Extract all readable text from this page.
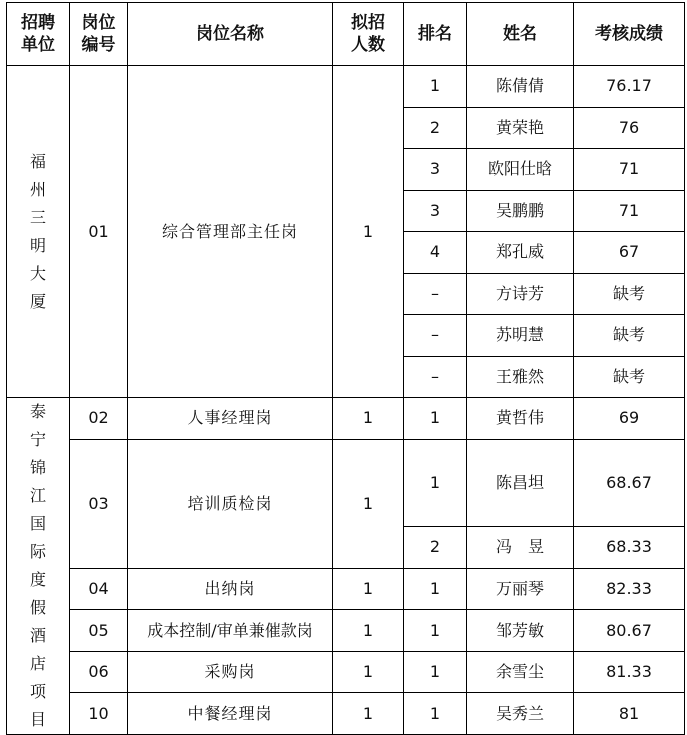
招聘单位	岗位编号	岗位名称	拟招人数	排名	姓名	考核成绩
福州三明大厦	01	综合管理部主任岗	1	1	陈倩倩	76.17
				2	黄荣艳	76
				3	欧阳仕晗	71
				3	吴鹏鹏	71
				4	郑孔威	67
				–	方诗芳	缺考
				–	苏明慧	缺考
				–	王雅然	缺考
泰宁锦江国际度假酒店项目	02	人事经理岗	1	1	黄哲伟	69
	03	培训质检岗	1	1	陈昌坦	68.67
				2	冯　昱	68.33
	04	出纳岗	1	1	万丽琴	82.33
	05	成本控制/审单兼催款岗	1	1	邹芳敏	80.67
	06	采购岗	1	1	余雪尘	81.33
	10	中餐经理岗	1	1	吴秀兰	81
